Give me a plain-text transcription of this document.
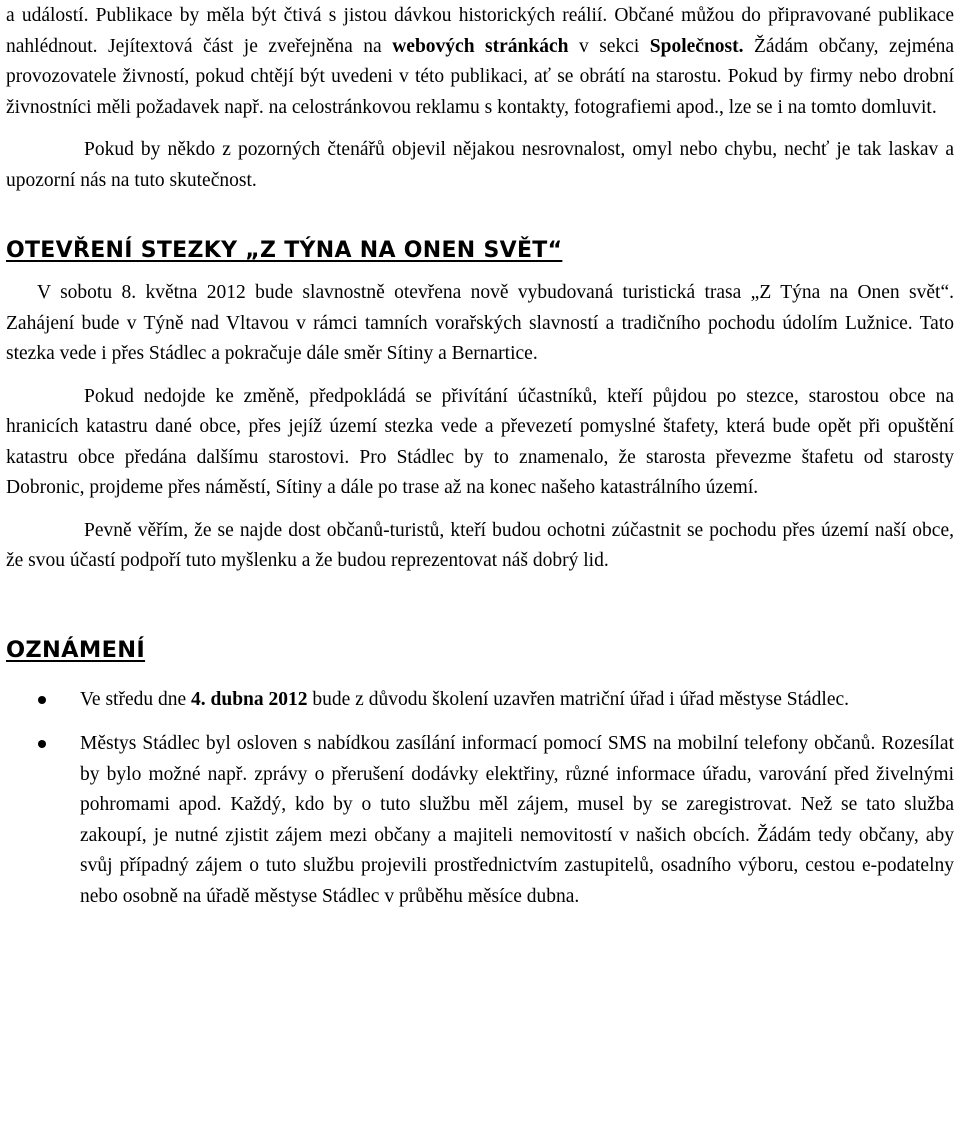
a událostí. Publikace by měla být čtivá s jistou dávkou historických reálií. Občané můžou do připravované publikace nahlédnout. Jejítextová část je zveřejněna na webových stránkách v sekci Společnost. Žádám občany, zejména provozovatele živností, pokud chtějí být uvedeni v této publikaci, ať se obrátí na starostu. Pokud by firmy nebo drobní živnostníci měli požadavek např. na celostránkovou reklamu s kontakty, fotografiemi apod., lze se i na tomto domluvit.

Pokud by někdo z pozorných čtenářů objevil nějakou nesrovnalost, omyl nebo chybu, nechť je tak laskav a upozorní nás na tuto skutečnost.

OTEVŘENÍ STEZKY „Z TÝNA NA ONEN SVĚT“

V sobotu 8. května 2012 bude slavnostně otevřena nově vybudovaná turistická trasa „Z Týna na Onen svět“. Zahájení bude v Týně nad Vltavou v rámci tamních vorařských slavností a tradičního pochodu údolím Lužnice. Tato stezka vede i přes Stádlec a pokračuje dále směr Sítiny a Bernartice.

Pokud nedojde ke změně, předpokládá se přivítání účastníků, kteří půjdou po stezce, starostou obce na hranicích katastru dané obce, přes jejíž území stezka vede a převezetí pomyslné štafety, která bude opět při opuštění katastru obce předána dalšímu starostovi. Pro Stádlec by to znamenalo, že starosta převezme štafetu od starosty Dobronic, projdeme přes náměstí, Sítiny a dále po trase až na konec našeho katastrálního území.

Pevně věřím, že se najde dost občanů-turistů, kteří budou ochotni zúčastnit se pochodu přes území naší obce, že svou účastí podpoří tuto myšlenku a že budou reprezentovat náš dobrý lid.

OZNÁMENÍ
Ve středu dne 4. dubna 2012 bude z důvodu školení uzavřen matriční úřad i úřad městyse Stádlec.
Městys Stádlec byl osloven s nabídkou zasílání informací pomocí SMS na mobilní telefony občanů. Rozesílat by bylo možné např. zprávy o přerušení dodávky elektřiny, různé informace úřadu, varování před živelnými pohromami apod. Každý, kdo by o tuto službu měl zájem, musel by se zaregistrovat. Než se tato služba zakoupí, je nutné zjistit zájem mezi občany a majiteli nemovitostí v našich obcích. Žádám tedy občany, aby svůj případný zájem o tuto službu projevili prostřednictvím zastupitelů, osadního výboru, cestou e-podatelny nebo osobně na úřadě městyse Stádlec v průběhu měsíce dubna.
